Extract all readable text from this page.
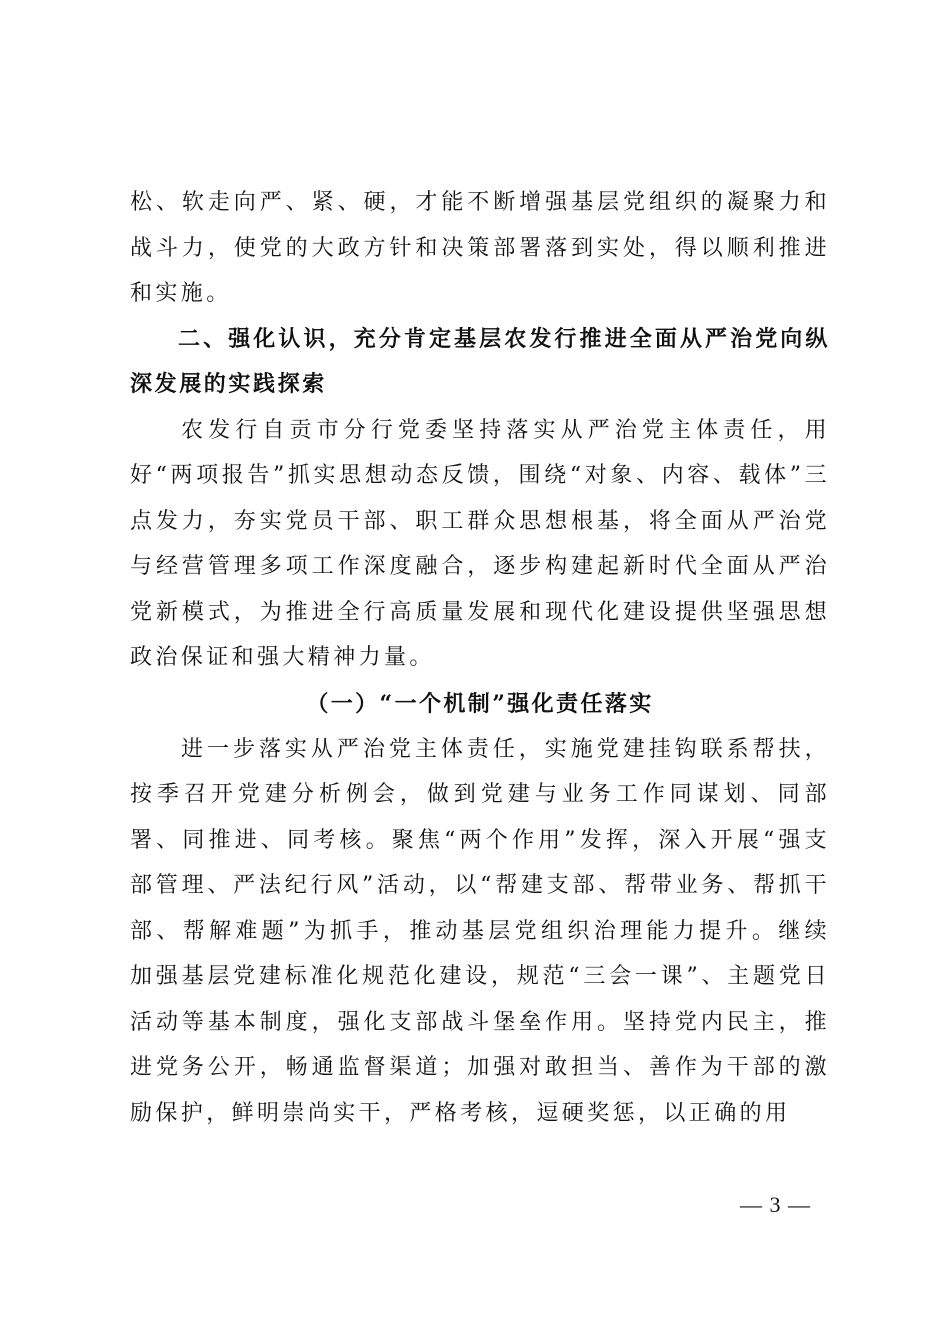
松、软走向严、紧、硬，才能不断增强基层党组织的凝聚力和战斗力，使党的大政方针和决策部署落到实处，得以顺利推进和实施。

二、强化认识，充分肯定基层农发行推进全面从严治党向纵深发展的实践探索

农发行自贡市分行党委坚持落实从严治党主体责任，用好“两项报告”抓实思想动态反馈，围绕“对象、内容、载体”三点发力，夯实党员干部、职工群众思想根基，将全面从严治党与经营管理多项工作深度融合，逐步构建起新时代全面从严治党新模式，为推进全行高质量发展和现代化建设提供坚强思想政治保证和强大精神力量。

（一）“一个机制”强化责任落实

进一步落实从严治党主体责任，实施党建挂钩联系帮扶，按季召开党建分析例会，做到党建与业务工作同谋划、同部署、同推进、同考核。聚焦“两个作用”发挥，深入开展“强支部管理、严法纪行风”活动，以“帮建支部、帮带业务、帮抓干部、帮解难题”为抓手，推动基层党组织治理能力提升。继续加强基层党建标准化规范化建设，规范“三会一课”、主题党日活动等基本制度，强化支部战斗堡垒作用。坚持党内民主，推进党务公开，畅通监督渠道；加强对敢担当、善作为干部的激励保护，鲜明崇尚实干，严格考核，逗硬奖惩，以正确的用

— 3 —
